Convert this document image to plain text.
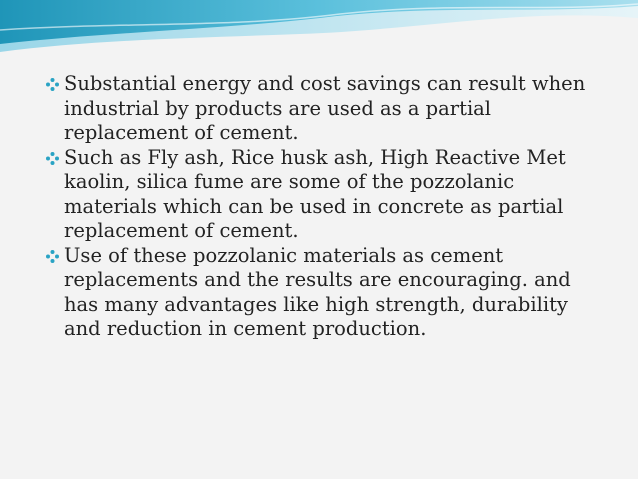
Substantial energy and cost savings can result when industrial by products are used as a partial replacement of cement.
Such as Fly ash, Rice husk ash, High Reactive Met kaolin, silica fume are some of the pozzolanic materials which can be used in concrete as partial replacement of cement.
Use of these pozzolanic materials as cement replacements and the results are encouraging. and has many advantages like high strength, durability and reduction in cement production.
